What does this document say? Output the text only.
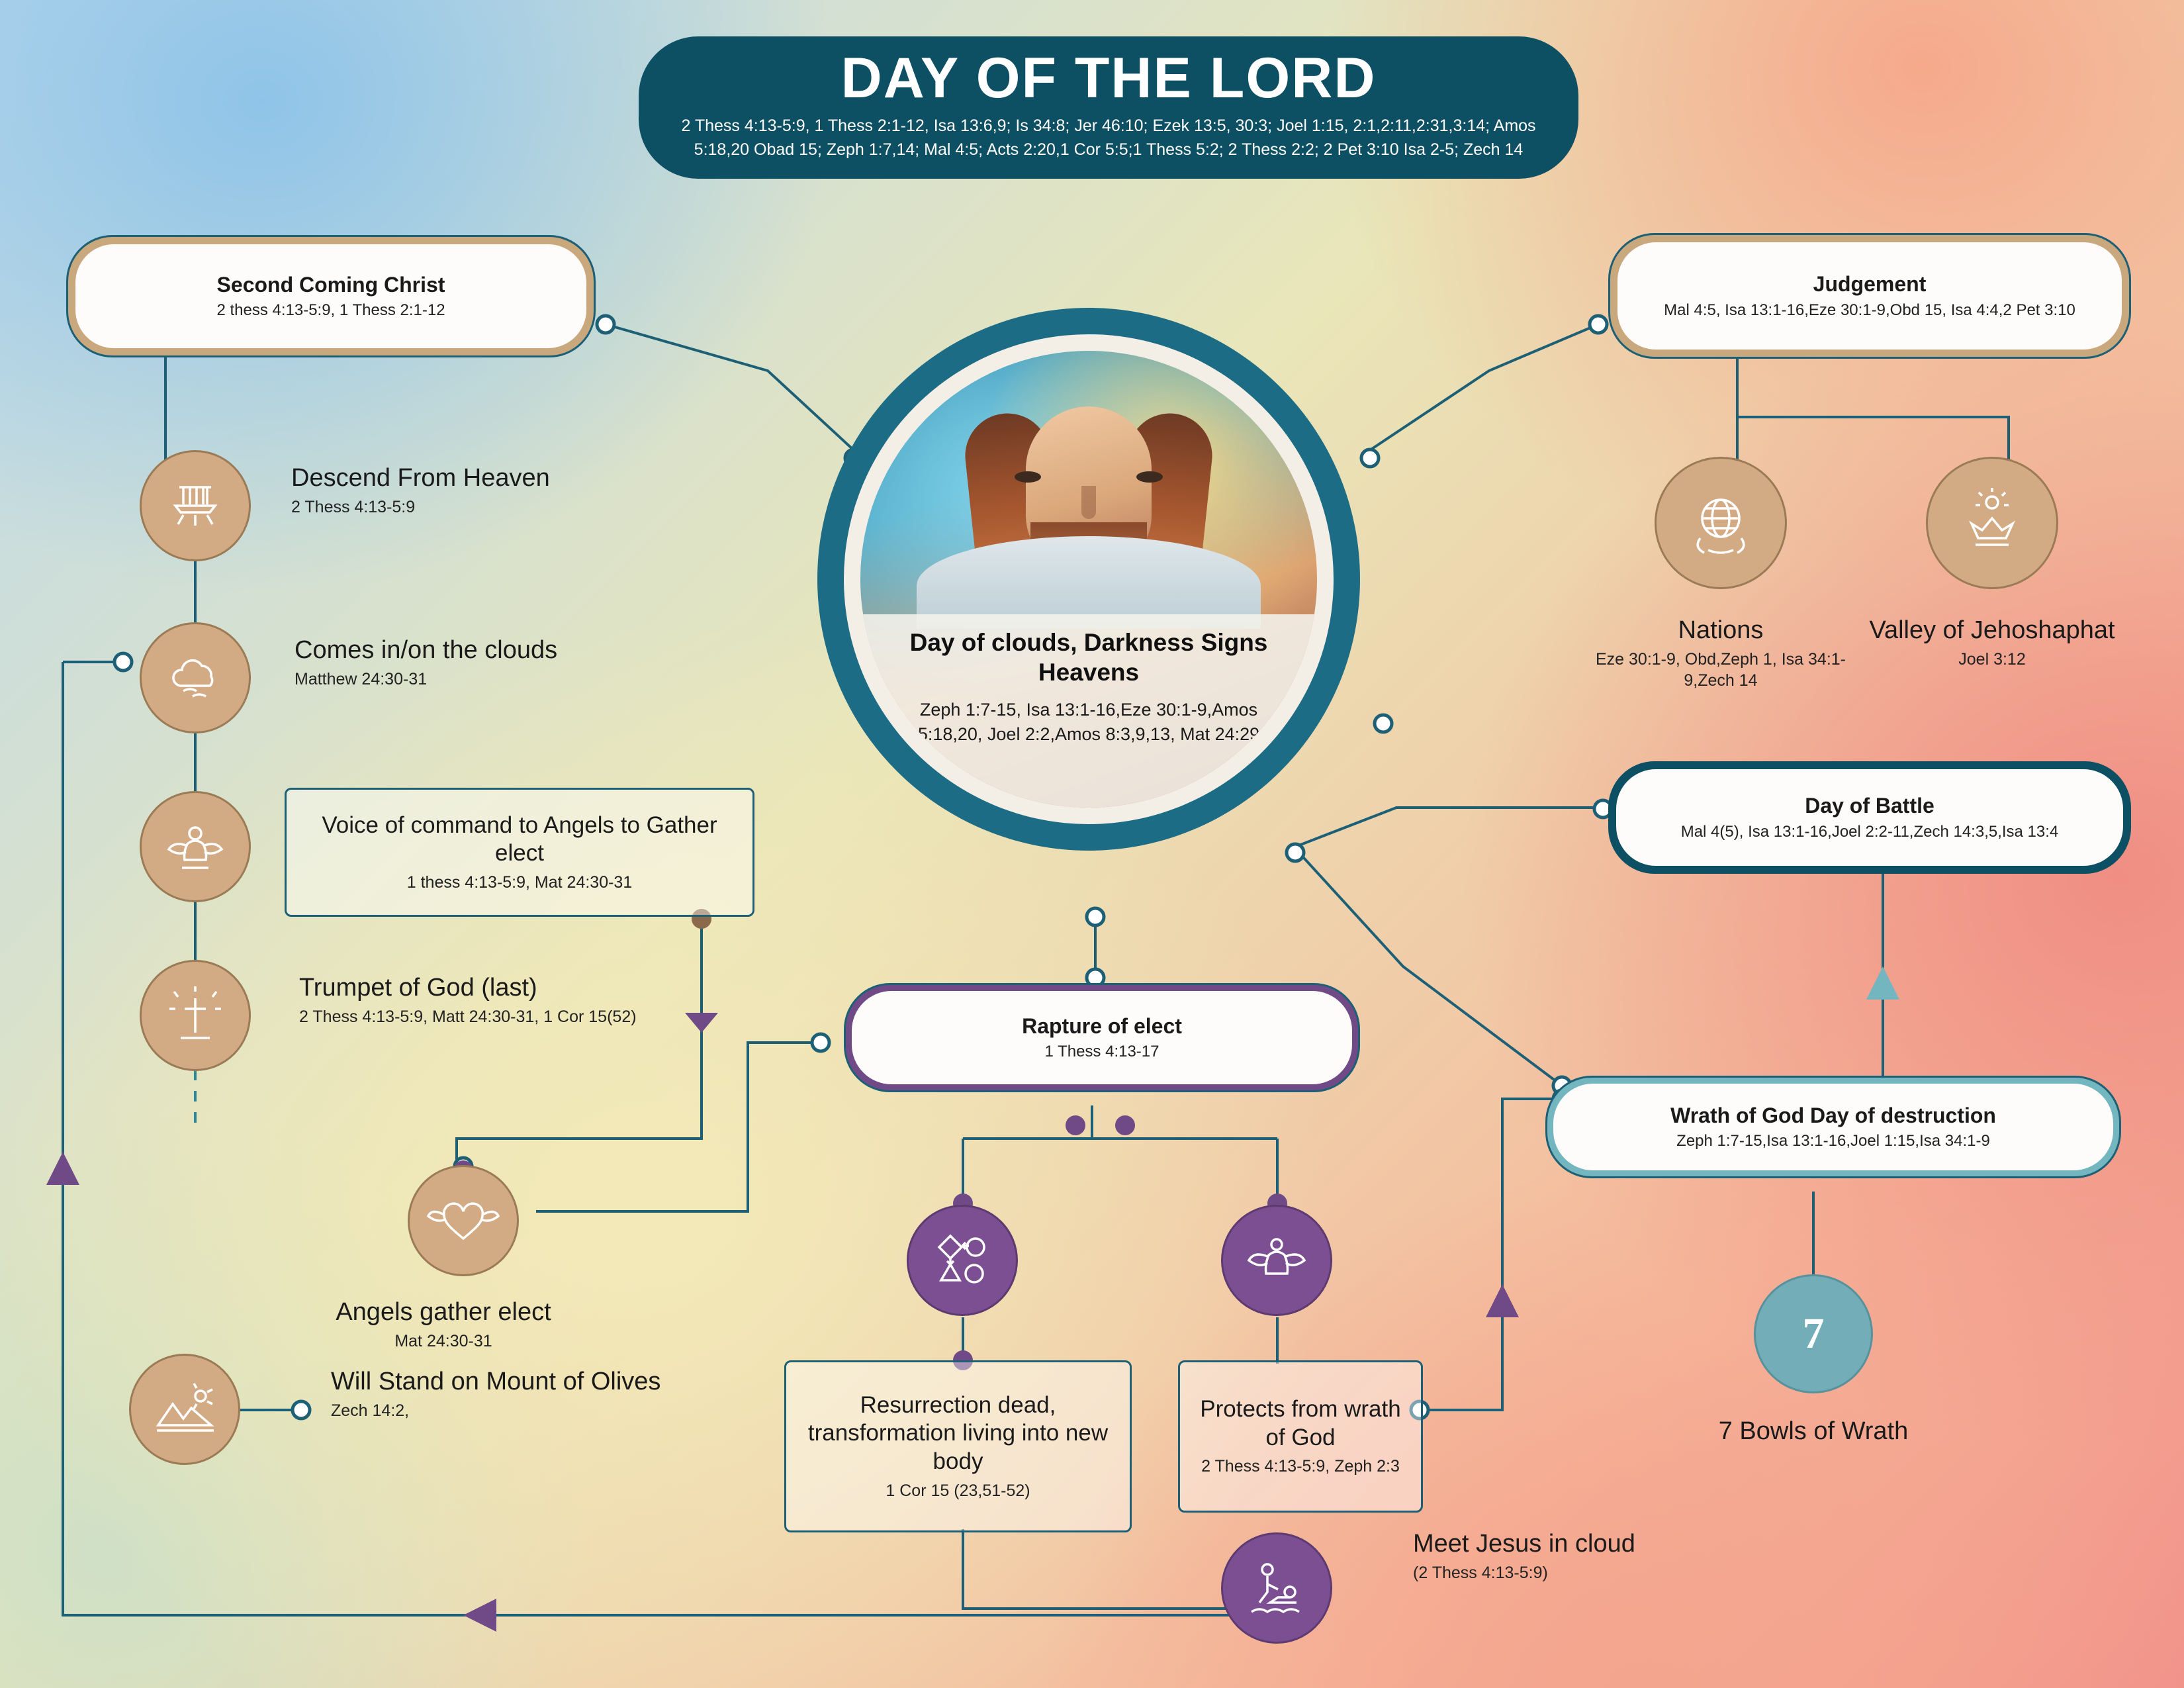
DAY OF THE LORD
2 Thess 4:13-5:9, 1 Thess 2:1-12, Isa 13:6,9; Is 34:8; Jer 46:10; Ezek 13:5, 30:3; Joel 1:15, 2:1,2:11,2:31,3:14; Amos 5:18,20 Obad 15; Zeph 1:7,14; Mal 4:5; Acts 2:20,1 Cor 5:5;1 Thess 5:2; 2 Thess 2:2; 2 Pet 3:10 Isa 2-5; Zech 14
Day of clouds, Darkness Signs Heavens
Zeph 1:7-15, Isa 13:1-16,Eze 30:1-9,Amos 5:18,20, Joel 2:2,Amos 8:3,9,13, Mat 24:29
Second Coming Christ
2 thess 4:13-5:9, 1 Thess 2:1-12
Judgement
Mal 4:5, Isa 13:1-16,Eze 30:1-9,Obd 15, Isa 4:4,2 Pet 3:10
Day of Battle
Mal 4(5), Isa 13:1-16,Joel 2:2-11,Zech 14:3,5,Isa 13:4
Wrath of God Day of destruction
Zeph 1:7-15,Isa 13:1-16,Joel 1:15,Isa 34:1-9
Rapture of elect
1 Thess 4:13-17
Voice of command to Angels to Gather elect
1 thess 4:13-5:9, Mat 24:30-31
Resurrection dead, transformation living into new body
1 Cor 15 (23,51-52)
Protects from wrath of God
2 Thess 4:13-5:9, Zeph 2:3
Descend From Heaven
2 Thess 4:13-5:9
Comes in/on the clouds
Matthew 24:30-31
Trumpet of God (last)
2 Thess 4:13-5:9, Matt 24:30-31, 1 Cor 15(52)
Angels gather elect
Mat 24:30-31
Will Stand on Mount of Olives
Zech 14:2,
Nations
Eze 30:1-9, Obd,Zeph 1, Isa 34:1-9,Zech 14
Valley of Jehoshaphat
Joel 3:12
7
7 Bowls of Wrath
Meet Jesus in cloud
(2 Thess 4:13-5:9)
